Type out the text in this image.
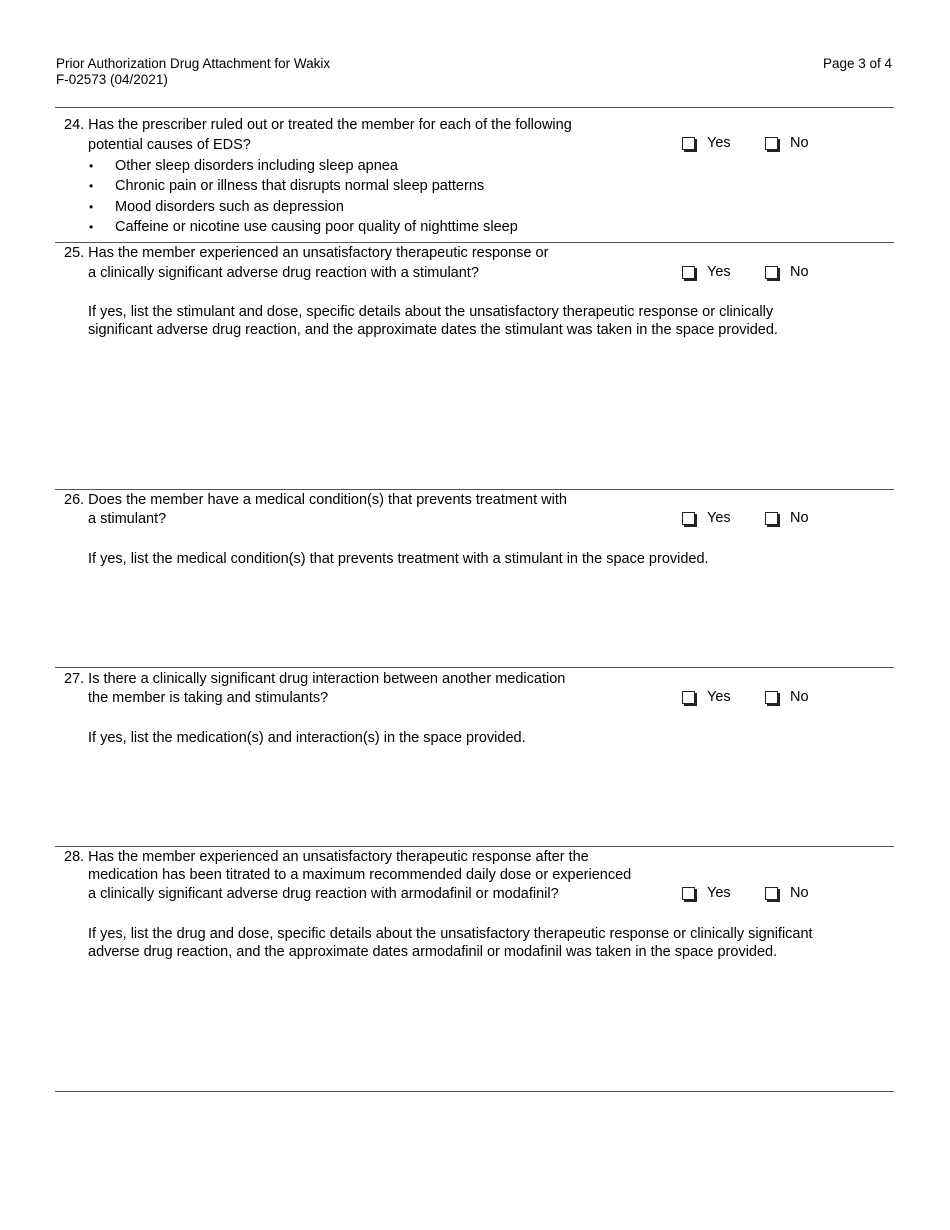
Prior Authorization Drug Attachment for Wakix
F-02573 (04/2021)
Page 3 of 4
24. Has the prescriber ruled out or treated the member for each of the following
potential causes of EDS?
• Other sleep disorders including sleep apnea
• Chronic pain or illness that disrupts normal sleep patterns
• Mood disorders such as depression
• Caffeine or nicotine use causing poor quality of nighttime sleep
Yes	No
25. Has the member experienced an unsatisfactory therapeutic response or
a clinically significant adverse drug reaction with a stimulant?	Yes	No
If yes, list the stimulant and dose, specific details about the unsatisfactory therapeutic response or clinically
significant adverse drug reaction, and the approximate dates the stimulant was taken in the space provided.
26. Does the member have a medical condition(s) that prevents treatment with
a stimulant?	Yes	No
If yes, list the medical condition(s) that prevents treatment with a stimulant in the space provided.
27. Is there a clinically significant drug interaction between another medication
the member is taking and stimulants?	Yes	No
If yes, list the medication(s) and interaction(s) in the space provided.
28. Has the member experienced an unsatisfactory therapeutic response after the
medication has been titrated to a maximum recommended daily dose or experienced
a clinically significant adverse drug reaction with armodafinil or modafinil?	Yes	No
If yes, list the drug and dose, specific details about the unsatisfactory therapeutic response or clinically significant
adverse drug reaction, and the approximate dates armodafinil or modafinil was taken in the space provided.
